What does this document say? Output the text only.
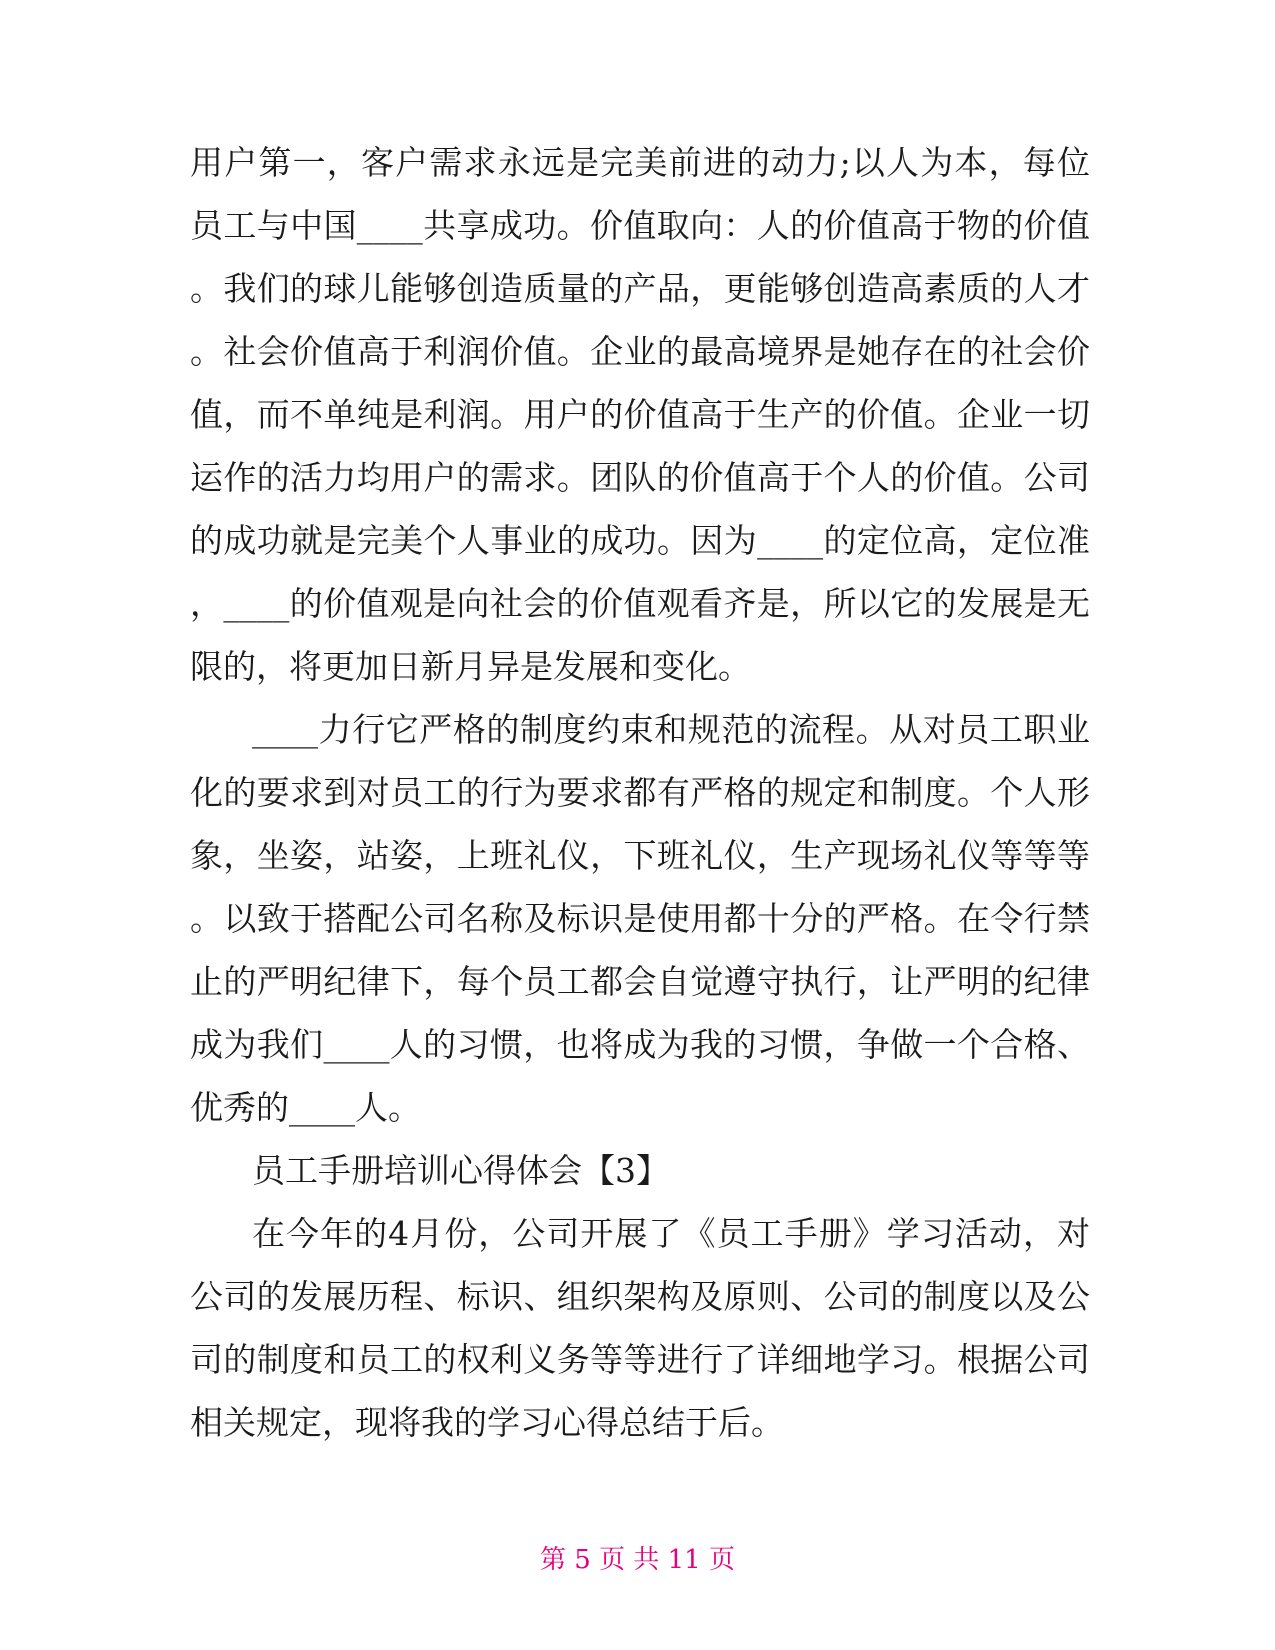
用户第一，客户需求永远是完美前进的动力;以人为本，每位
员工与中国____共享成功。价值取向：人的价值高于物的价值
。我们的球儿能够创造质量的产品，更能够创造高素质的人才
。社会价值高于利润价值。企业的最高境界是她存在的社会价
值，而不单纯是利润。用户的价值高于生产的价值。企业一切
运作的活力均用户的需求。团队的价值高于个人的价值。公司
的成功就是完美个人事业的成功。因为____的定位高，定位准
，____的价值观是向社会的价值观看齐是，所以它的发展是无
限的，将更加日新月异是发展和变化。
____力行它严格的制度约束和规范的流程。从对员工职业
化的要求到对员工的行为要求都有严格的规定和制度。个人形
象，坐姿，站姿，上班礼仪，下班礼仪，生产现场礼仪等等等
。以致于搭配公司名称及标识是使用都十分的严格。在令行禁
止的严明纪律下，每个员工都会自觉遵守执行，让严明的纪律
成为我们____人的习惯，也将成为我的习惯，争做一个合格、
优秀的____人。
员工手册培训心得体会【3】
在今年的4月份，公司开展了《员工手册》学习活动，对
公司的发展历程、标识、组织架构及原则、公司的制度以及公
司的制度和员工的权利义务等等进行了详细地学习。根据公司
相关规定，现将我的学习心得总结于后。
第 5 页 共 11 页
